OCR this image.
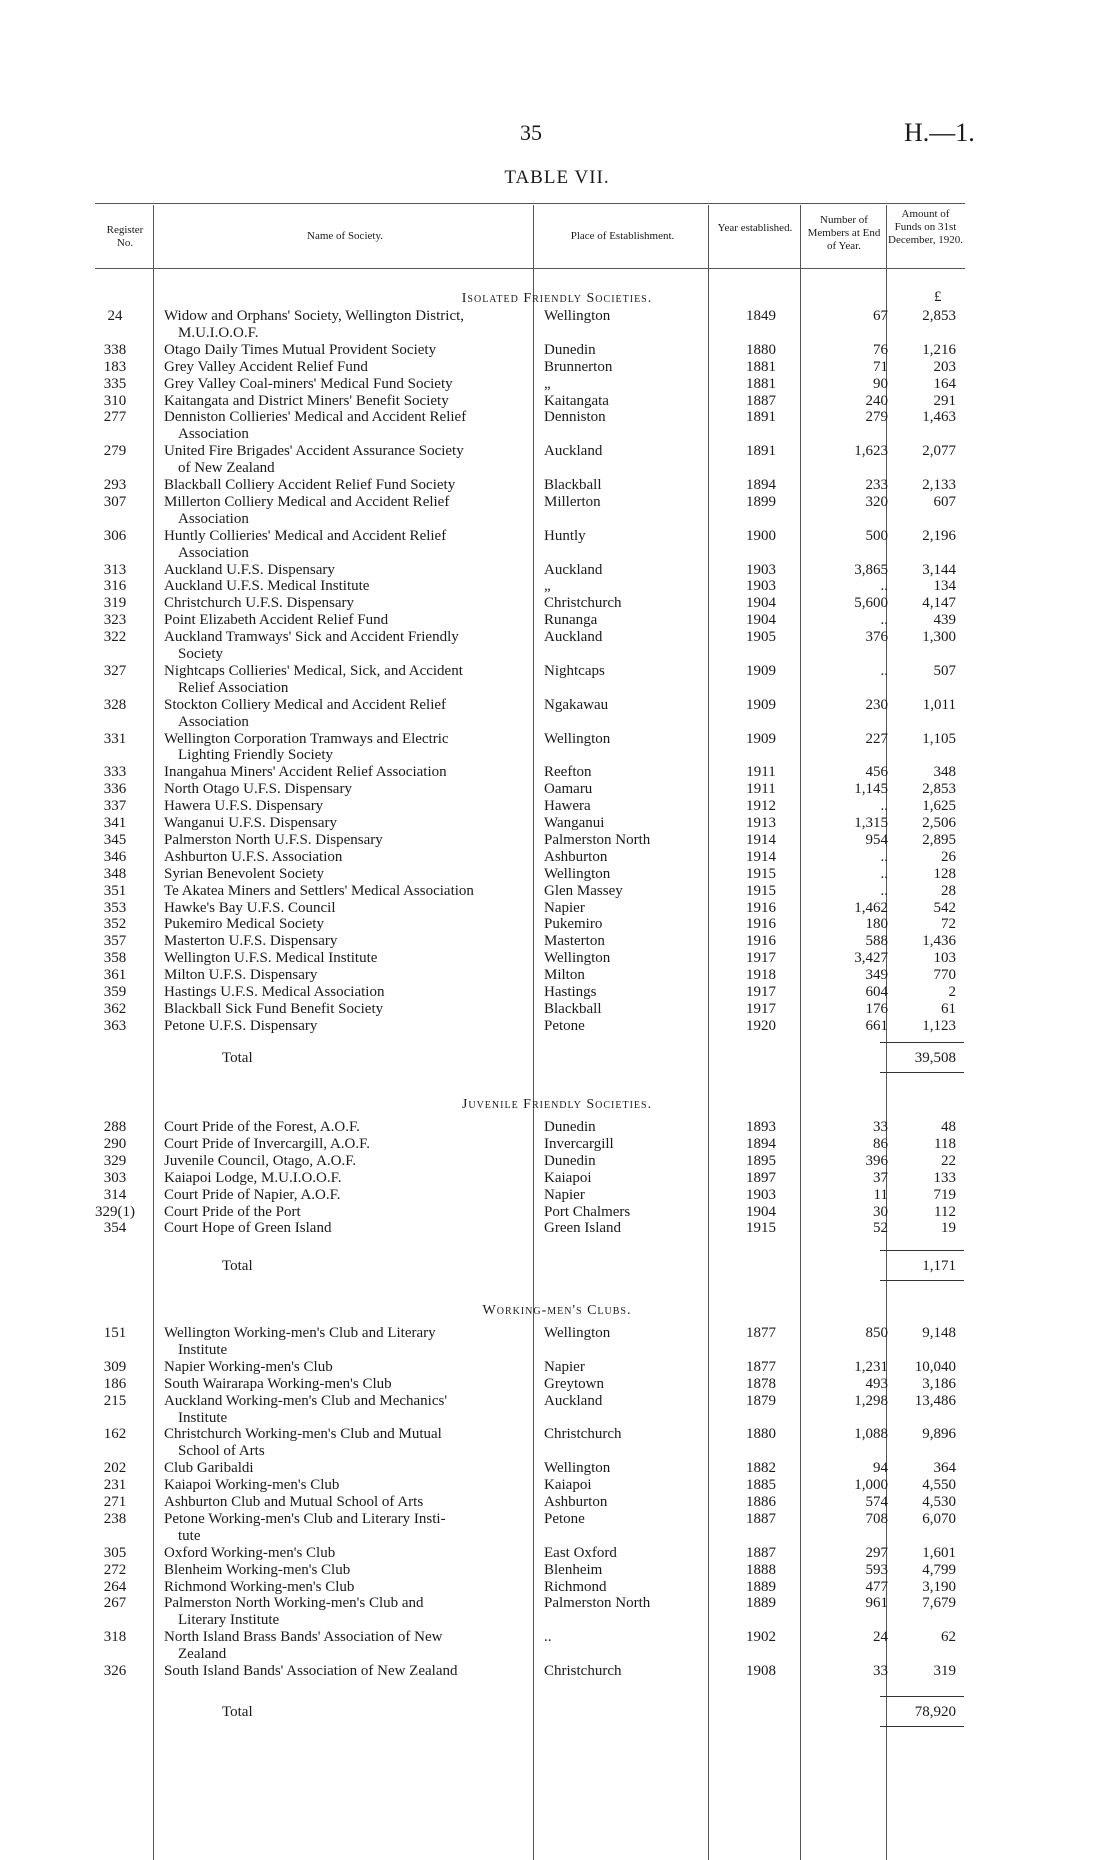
35	H.—1.
TABLE VII.
Register No.
Name of Society.	Place of Establishment.
Year established.
Number of Members at End of Year.
Amount of Funds on 31st December, 1920.
Isolated Friendly Societies.	£
24	Widow and Orphans' Society, Wellington District,	Wellington	1849	67	2,853
M.U.I.O.O.F.
338	Otago Daily Times Mutual Provident Society	Dunedin	1880	76	1,216
183	Grey Valley Accident Relief Fund	Brunnerton	1881	71	203
335	Grey Valley Coal-miners' Medical Fund Society	„	1881	90	164
310	Kaitangata and District Miners' Benefit Society	Kaitangata	1887	240	291
277	Denniston Collieries' Medical and Accident Relief	Denniston	1891	279	1,463
Association
279	United Fire Brigades' Accident Assurance Society	Auckland	1891	1,623	2,077
of New Zealand
293	Blackball Colliery Accident Relief Fund Society	Blackball	1894	233	2,133
307	Millerton Colliery Medical and Accident Relief	Millerton	1899	320	607
Association
306	Huntly Collieries' Medical and Accident Relief	Huntly	1900	500	2,196
Association
313	Auckland U.F.S. Dispensary	Auckland	1903	3,865	3,144
316	Auckland U.F.S. Medical Institute	„	1903	..	134
319	Christchurch U.F.S. Dispensary	Christchurch	1904	5,600	4,147
323	Point Elizabeth Accident Relief Fund	Runanga	1904	..	439
322	Auckland Tramways' Sick and Accident Friendly	Auckland	1905	376	1,300
Society
327	Nightcaps Collieries' Medical, Sick, and Accident	Nightcaps	1909	..	507
Relief Association
328	Stockton Colliery Medical and Accident Relief	Ngakawau	1909	230	1,011
Association
331	Wellington Corporation Tramways and Electric	Wellington	1909	227	1,105
Lighting Friendly Society
333	Inangahua Miners' Accident Relief Association	Reefton	1911	456	348
336	North Otago U.F.S. Dispensary	Oamaru	1911	1,145	2,853
337	Hawera U.F.S. Dispensary	Hawera	1912	..	1,625
341	Wanganui U.F.S. Dispensary	Wanganui	1913	1,315	2,506
345	Palmerston North U.F.S. Dispensary	Palmerston North	1914	954	2,895
346	Ashburton U.F.S. Association	Ashburton	1914	..	26
348	Syrian Benevolent Society	Wellington	1915	..	128
351	Te Akatea Miners and Settlers' Medical Association	Glen Massey	1915	..	28
353	Hawke's Bay U.F.S. Council	Napier	1916	1,462	542
352	Pukemiro Medical Society	Pukemiro	1916	180	72
357	Masterton U.F.S. Dispensary	Masterton	1916	588	1,436
358	Wellington U.F.S. Medical Institute	Wellington	1917	3,427	103
361	Milton U.F.S. Dispensary	Milton	1918	349	770
359	Hastings U.F.S. Medical Association	Hastings	1917	604	2
362	Blackball Sick Fund Benefit Society	Blackball	1917	176	61
363	Petone U.F.S. Dispensary	Petone	1920	661	1,123
Total	39,508
Juvenile Friendly Societies.
288	Court Pride of the Forest, A.O.F.	Dunedin	1893	33	48
290	Court Pride of Invercargill, A.O.F.	Invercargill	1894	86	118
329	Juvenile Council, Otago, A.O.F.	Dunedin	1895	396	22
303	Kaiapoi Lodge, M.U.I.O.O.F.	Kaiapoi	1897	37	133
314	Court Pride of Napier, A.O.F.	Napier	1903	11	719
329(1)	Court Pride of the Port	Port Chalmers	1904	30	112
354	Court Hope of Green Island	Green Island	1915	52	19
Total	1,171
Working-men's Clubs.
151	Wellington Working-men's Club and Literary	Wellington	1877	850	9,148
Institute
309	Napier Working-men's Club	Napier	1877	1,231	10,040
186	South Wairarapa Working-men's Club	Greytown	1878	493	3,186
215	Auckland Working-men's Club and Mechanics'	Auckland	1879	1,298	13,486
Institute
162	Christchurch Working-men's Club and Mutual	Christchurch	1880	1,088	9,896
School of Arts
202	Club Garibaldi	Wellington	1882	94	364
231	Kaiapoi Working-men's Club	Kaiapoi	1885	1,000	4,550
271	Ashburton Club and Mutual School of Arts	Ashburton	1886	574	4,530
238	Petone Working-men's Club and Literary Insti-	Petone	1887	708	6,070
tute
305	Oxford Working-men's Club	East Oxford	1887	297	1,601
272	Blenheim Working-men's Club	Blenheim	1888	593	4,799
264	Richmond Working-men's Club	Richmond	1889	477	3,190
267	Palmerston North Working-men's Club and	Palmerston North	1889	961	7,679
Literary Institute
318	North Island Brass Bands' Association of New	..	1902	24	62
Zealand
326	South Island Bands' Association of New Zealand	Christchurch	1908	33	319
Total	78,920
